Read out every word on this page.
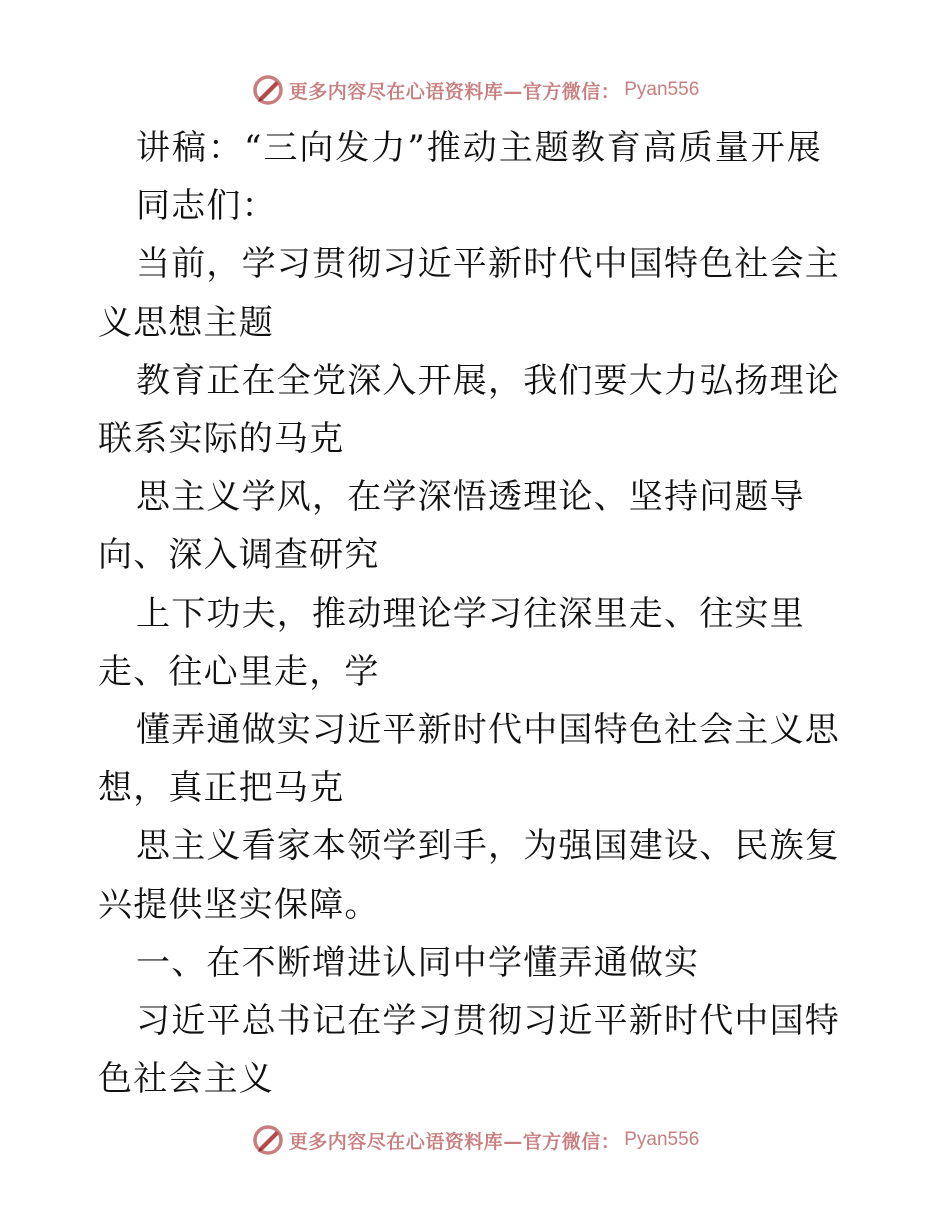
更多内容尽在心语资料库—官方微信： Pyan556
讲稿：“三向发力”推动主题教育高质量开展
同志们：
当前，学习贯彻习近平新时代中国特色社会主义思想主题
教育正在全党深入开展，我们要大力弘扬理论联系实际的马克
思主义学风，在学深悟透理论、坚持问题导向、深入调查研究
上下功夫，推动理论学习往深里走、往实里走、往心里走，学
懂弄通做实习近平新时代中国特色社会主义思想，真正把马克
思主义看家本领学到手，为强国建设、民族复兴提供坚实保障。
一、在不断增进认同中学懂弄通做实
习近平总书记在学习贯彻习近平新时代中国特色社会主义
更多内容尽在心语资料库—官方微信： Pyan556
